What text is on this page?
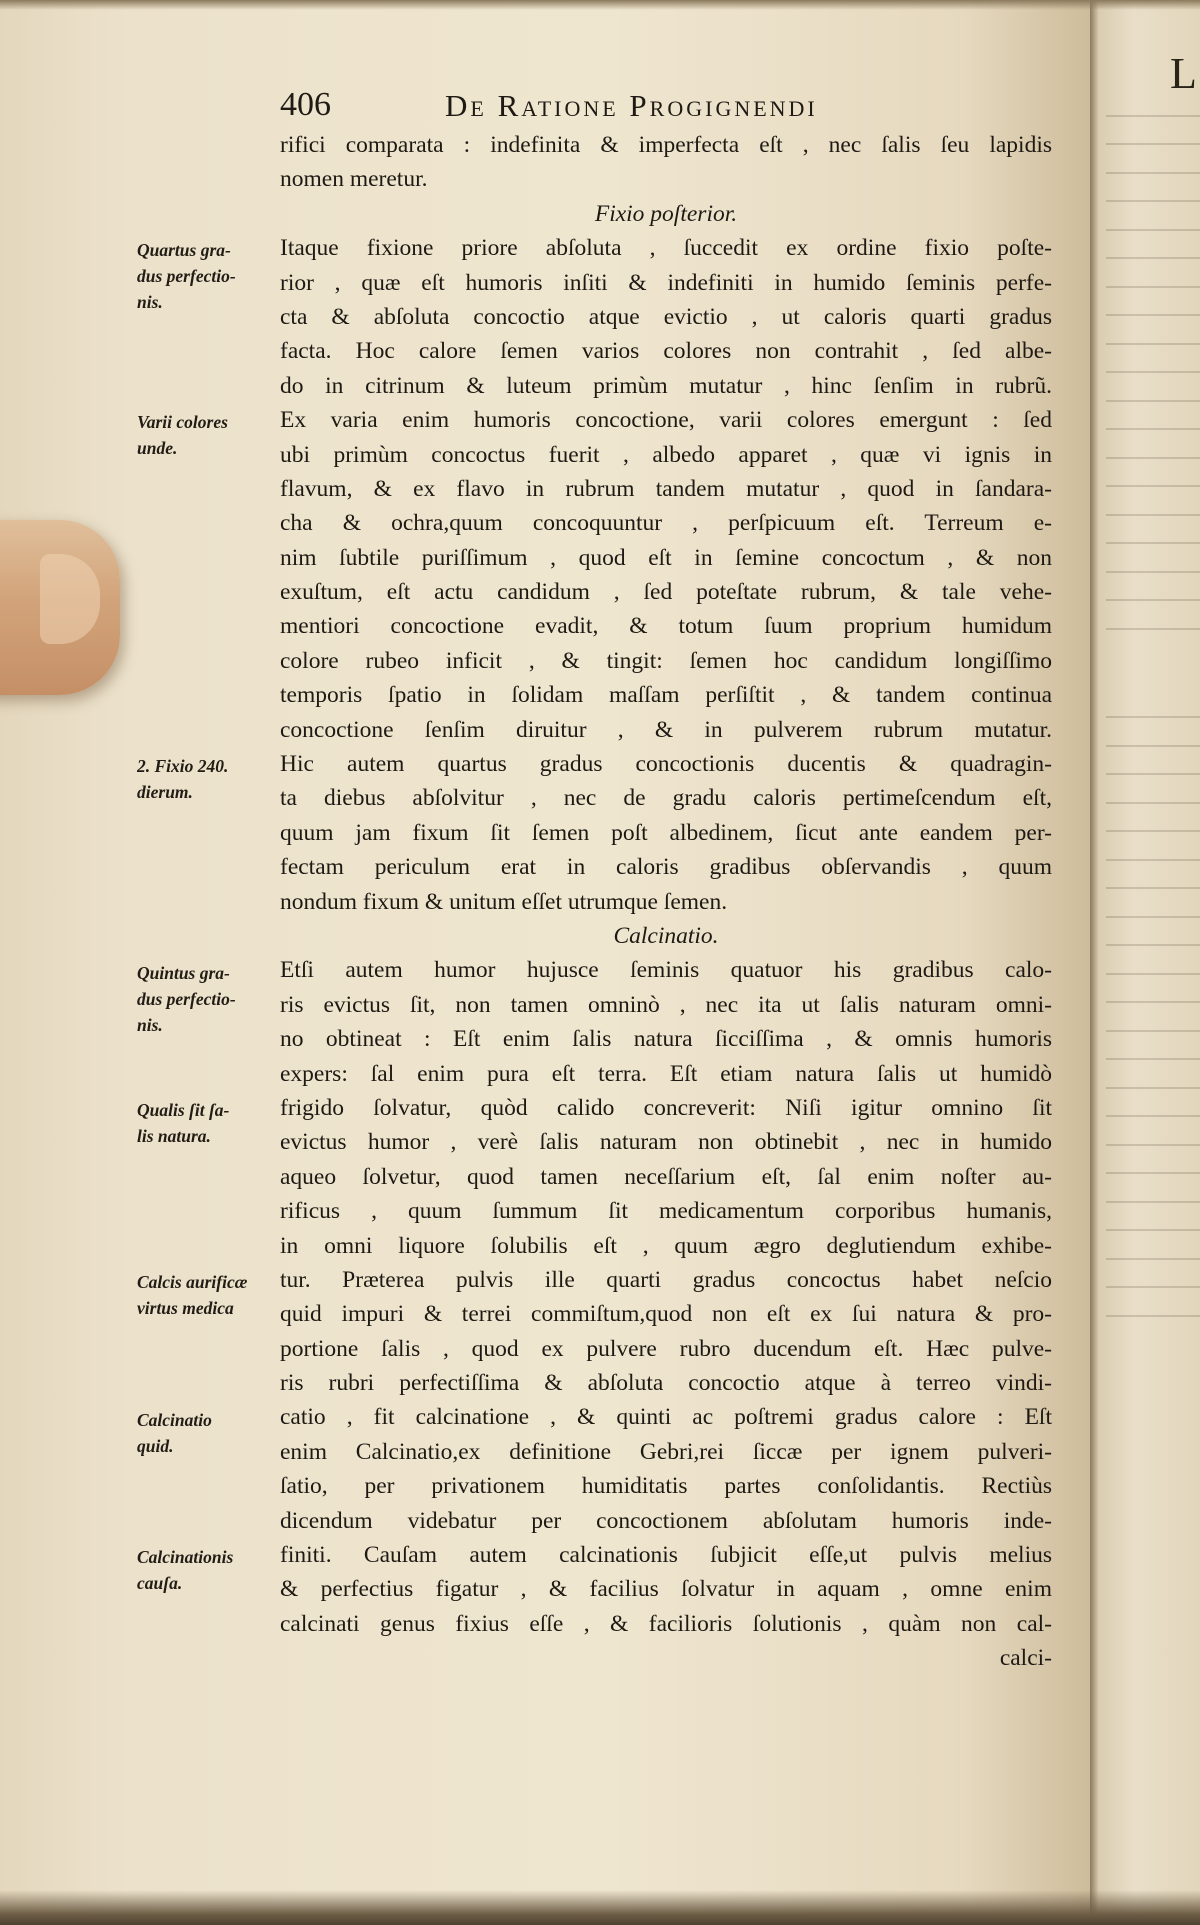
L
406	De Ratione Progignendi
rifici comparata : indefinita & imperfecta eſt , nec ſalis ſeu lapidis
nomen meretur.
Fixio poſterior.
Itaque fixione priore abſoluta , ſuccedit ex ordine fixio poſte-
rior , quæ eſt humoris inſiti & indefiniti in humido ſeminis perfe-
cta & abſoluta concoctio atque evictio , ut caloris quarti gradus
facta. Hoc calore ſemen varios colores non contrahit , ſed albe-
do in citrinum & luteum primùm mutatur , hinc ſenſim in rubrũ.
Ex varia enim humoris concoctione, varii colores emergunt : ſed
ubi primùm concoctus fuerit , albedo apparet , quæ vi ignis in
flavum, & ex flavo in rubrum tandem mutatur , quod in ſandara-
cha & ochra,quum concoquuntur , perſpicuum eſt. Terreum e-
nim ſubtile puriſſimum , quod eſt in ſemine concoctum , & non
exuſtum, eſt actu candidum , ſed poteſtate rubrum, & tale vehe-
mentiori concoctione evadit, & totum ſuum proprium humidum
colore rubeo inficit , & tingit: ſemen hoc candidum longiſſimo
temporis ſpatio in ſolidam maſſam perſiſtit , & tandem continua
concoctione ſenſim diruitur , & in pulverem rubrum mutatur.
Hic autem quartus gradus concoctionis ducentis & quadragin-
ta diebus abſolvitur , nec de gradu caloris pertimeſcendum eſt,
quum jam fixum ſit ſemen poſt albedinem, ſicut ante eandem per-
fectam periculum erat in caloris gradibus obſervandis , quum
nondum fixum & unitum eſſet utrumque ſemen.
Calcinatio.
Etſi autem humor hujusce ſeminis quatuor his gradibus calo-
ris evictus ſit, non tamen omninò , nec ita ut ſalis naturam omni-
no obtineat : Eſt enim ſalis natura ſicciſſima , & omnis humoris
expers: ſal enim pura eſt terra. Eſt etiam natura ſalis ut humidò
frigido ſolvatur, quòd calido concreverit: Niſi igitur omnino ſit
evictus humor , verè ſalis naturam non obtinebit , nec in humido
aqueo ſolvetur, quod tamen neceſſarium eſt, ſal enim noſter au-
rificus , quum ſummum ſit medicamentum corporibus humanis,
in omni liquore ſolubilis eſt , quum ægro deglutiendum exhibe-
tur. Præterea pulvis ille quarti gradus concoctus habet neſcio
quid impuri & terrei commiſtum,quod non eſt ex ſui natura & pro-
portione ſalis , quod ex pulvere rubro ducendum eſt. Hæc pulve-
ris rubri perfectiſſima & abſoluta concoctio atque à terreo vindi-
catio , fit calcinatione , & quinti ac poſtremi gradus calore : Eſt
enim Calcinatio,ex definitione Gebri,rei ſiccæ per ignem pulveri-
ſatio, per privationem humiditatis partes conſolidantis. Rectiùs
dicendum videbatur per concoctionem abſolutam humoris inde-
finiti. Cauſam autem calcinationis ſubjicit eſſe,ut pulvis melius
& perfectius figatur , & facilius ſolvatur in aquam , omne enim
calcinati genus fixius eſſe , & facilioris ſolutionis , quàm non cal-
calci-
Quartus gra-
dus perfectio-
nis.
Varii colores
unde.
2. Fixio 240.
dierum.
Quintus gra-
dus perfectio-
nis.
Qualis ſit ſa-
lis natura.
Calcis aurificæ
virtus medica
Calcinatio
quid.
Calcinationis
cauſa.
